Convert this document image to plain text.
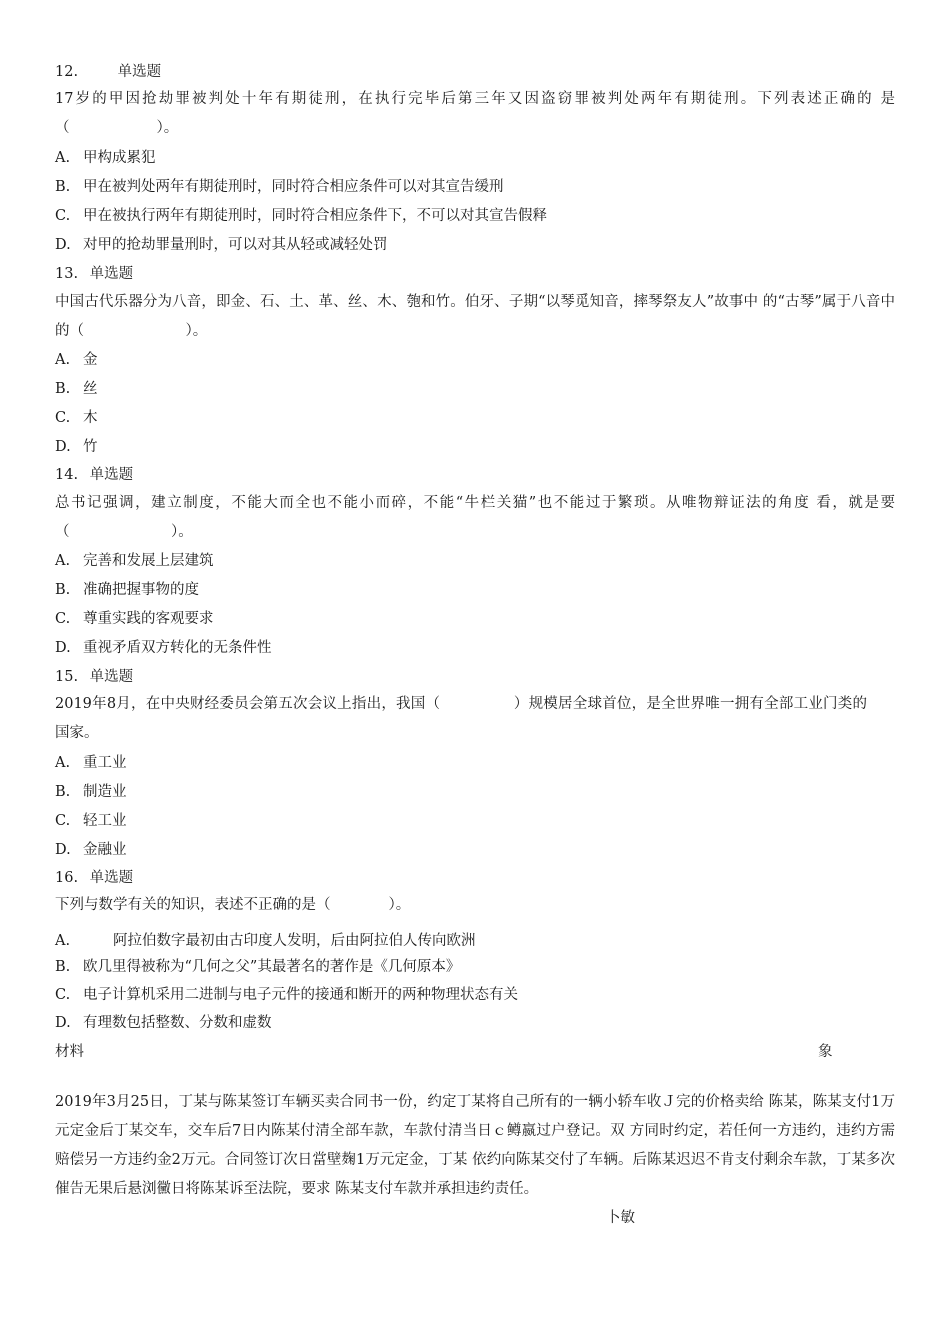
12.	单选题
17岁的甲因抢劫罪被判处十年有期徒刑，在执行完毕后第三年又因盗窃罪被判处两年有期徒刑。下列表述正确的 是（　　　　　　）。
A. 甲构成累犯
B. 甲在被判处两年有期徒刑时，同时符合相应条件可以对其宣告缓刑
C. 甲在被执行两年有期徒刑时，同时符合相应条件下，不可以对其宣告假释
D. 对甲的抢劫罪量刑时，可以对其从轻或减轻处罚
13. 单选题
中国古代乐器分为八音，即金、石、土、革、丝、木、匏和竹。伯牙、子期“以琴觅知音，摔琴祭友人”故事中 的“古琴”属于八音中的（　　　　　　　）。
A. 金
B. 丝
C. 木
D. 竹
14. 单选题
总书记强调，建立制度，不能大而全也不能小而碎，不能“牛栏关猫”也不能过于繁琐。从唯物辩证法的角度 看，就是要（　　　　　　　）。
A. 完善和发展上层建筑
B. 准确把握事物的度
C. 尊重实践的客观要求
D. 重视矛盾双方转化的无条件性
15. 单选题
2019年8月，在中央财经委员会第五次会议上指出，我国（　　　　　）规模居全球首位，是全世界唯一拥有全部工业门类的国家。
A. 重工业
B. 制造业
C. 轻工业
D. 金融业
16. 单选题
下列与数学有关的知识，表述不正确的是（　　　　）。
A.	阿拉伯数字最初由古印度人发明，后由阿拉伯人传向欧洲
B. 欧几里得被称为“几何之父”其最著名的著作是《几何原本》
C. 电子计算机采用二进制与电子元件的接通和断开的两种物理状态有关
D. 有理数包括整数、分数和虚数
材料	象
2019年3月25日，丁某与陈某签订车辆买卖合同书一份，约定丁某将自己所有的一辆小轿车收Ｊ完的价格卖给 陈某，陈某支付1万元定金后丁某交车，交车后7日内陈某付清全部车款，车款付清当日ｃ鳟嬴过户登记。双 方同时约定，若任何一方违约，违约方需赔偿另一方违约金2万元。合同签订次日當壁麹1万元定金，丁某 依约向陈某交付了车辆。后陈某迟迟不肯支付剩余车款，丁某多次催告无果后悬浏黴日将陈某诉至法院，要求 陈某支付车款并承担违约责任。
卜敏
